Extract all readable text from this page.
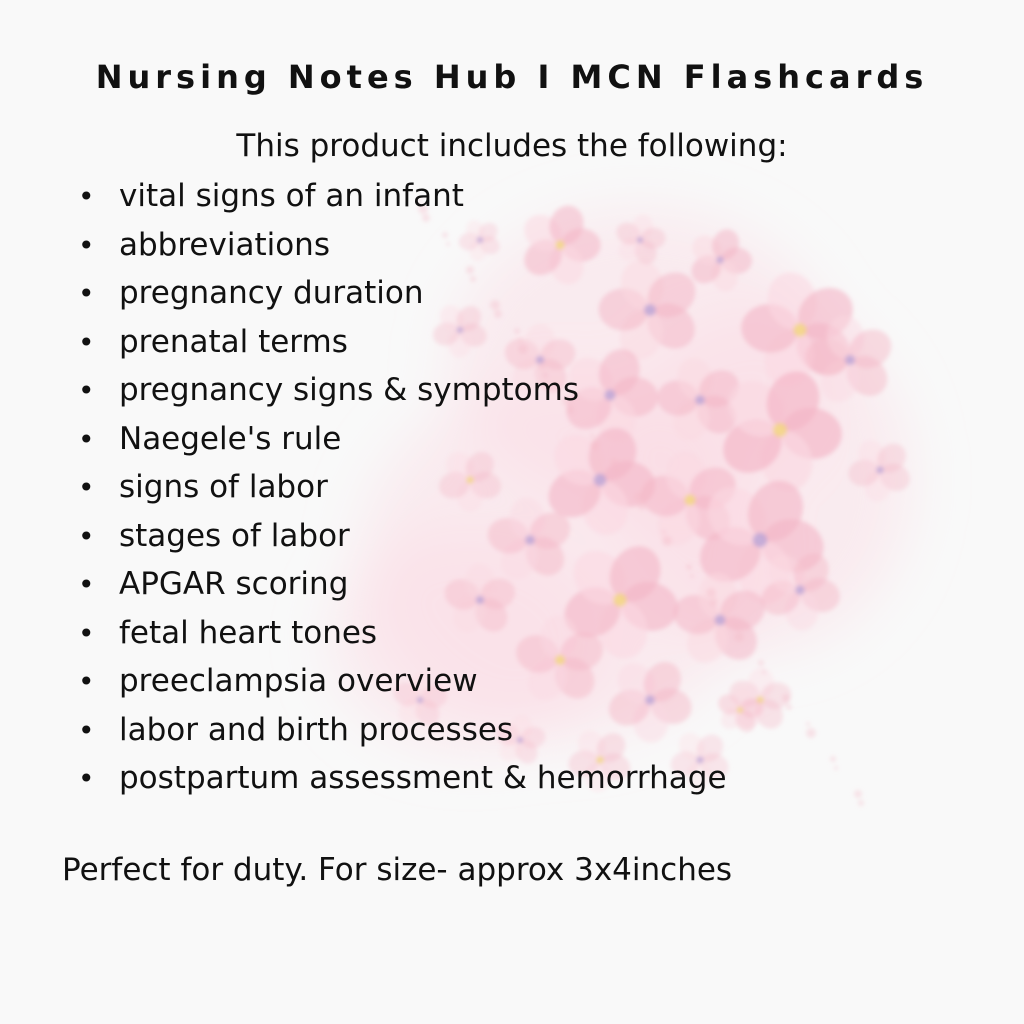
Nursing Notes Hub I MCN Flashcards
This product includes the following:
• vital signs of an infant
• abbreviations
• pregnancy duration
• prenatal terms
• pregnancy signs & symptoms
• Naegele's rule
• signs of labor
• stages of labor
• APGAR scoring
• fetal heart tones
• preeclampsia overview
• labor and birth processes
• postpartum assessment & hemorrhage
Perfect for duty. For size- approx 3x4inches
